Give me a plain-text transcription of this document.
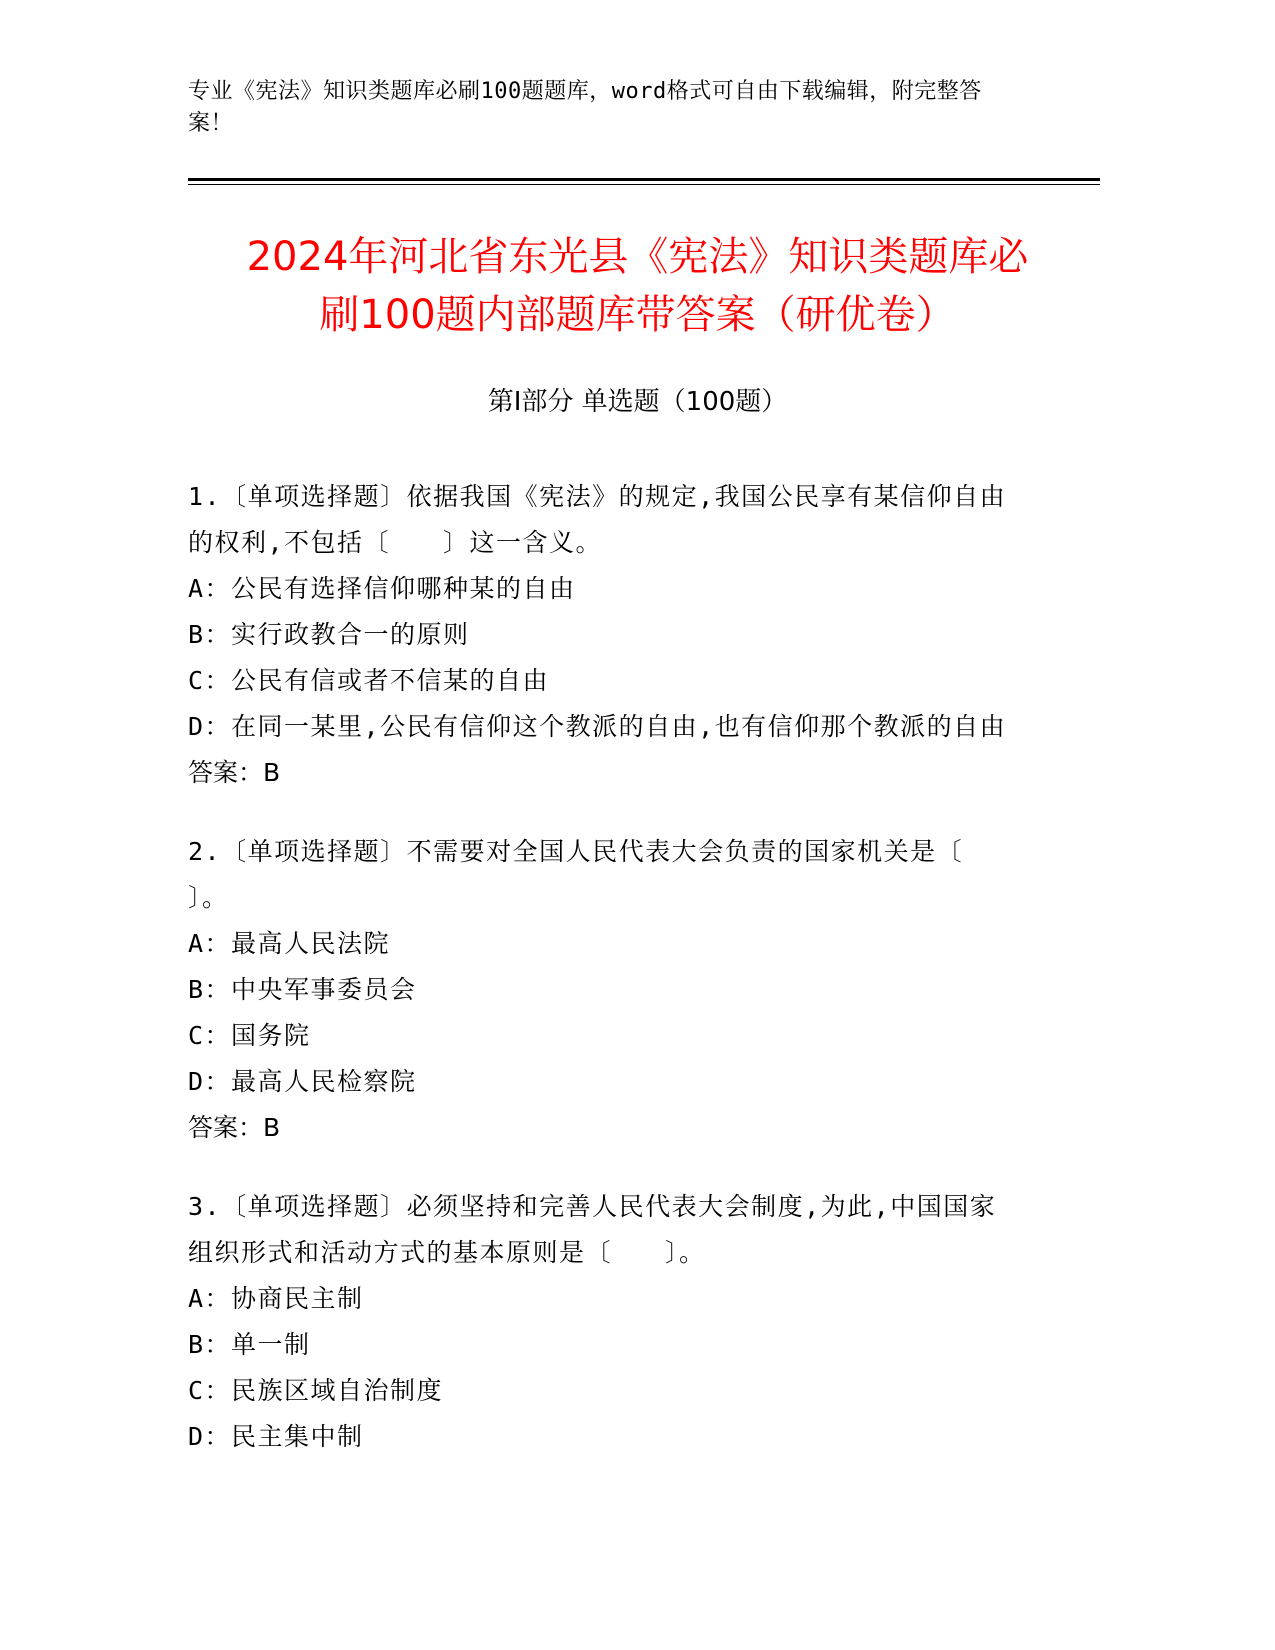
专业《宪法》知识类题库必刷100题题库，word格式可自由下载编辑，附完整答
案！
2024年河北省东光县《宪法》知识类题库必
刷100题内部题库带答案（研优卷）
第Ⅰ部分 单选题（100题）
1.〔单项选择题〕依据我国《宪法》的规定,我国公民享有某信仰自由
的权利,不包括〔　　〕这一含义。
A：公民有选择信仰哪种某的自由
B：实行政教合一的原则
C：公民有信或者不信某的自由
D：在同一某里,公民有信仰这个教派的自由,也有信仰那个教派的自由
答案：B
2.〔单项选择题〕不需要对全国人民代表大会负责的国家机关是〔
〕。
A：最高人民法院
B：中央军事委员会
C：国务院
D：最高人民检察院
答案：B
3.〔单项选择题〕必须坚持和完善人民代表大会制度,为此,中国国家
组织形式和活动方式的基本原则是〔　　〕。
A：协商民主制
B：单一制
C：民族区域自治制度
D：民主集中制
